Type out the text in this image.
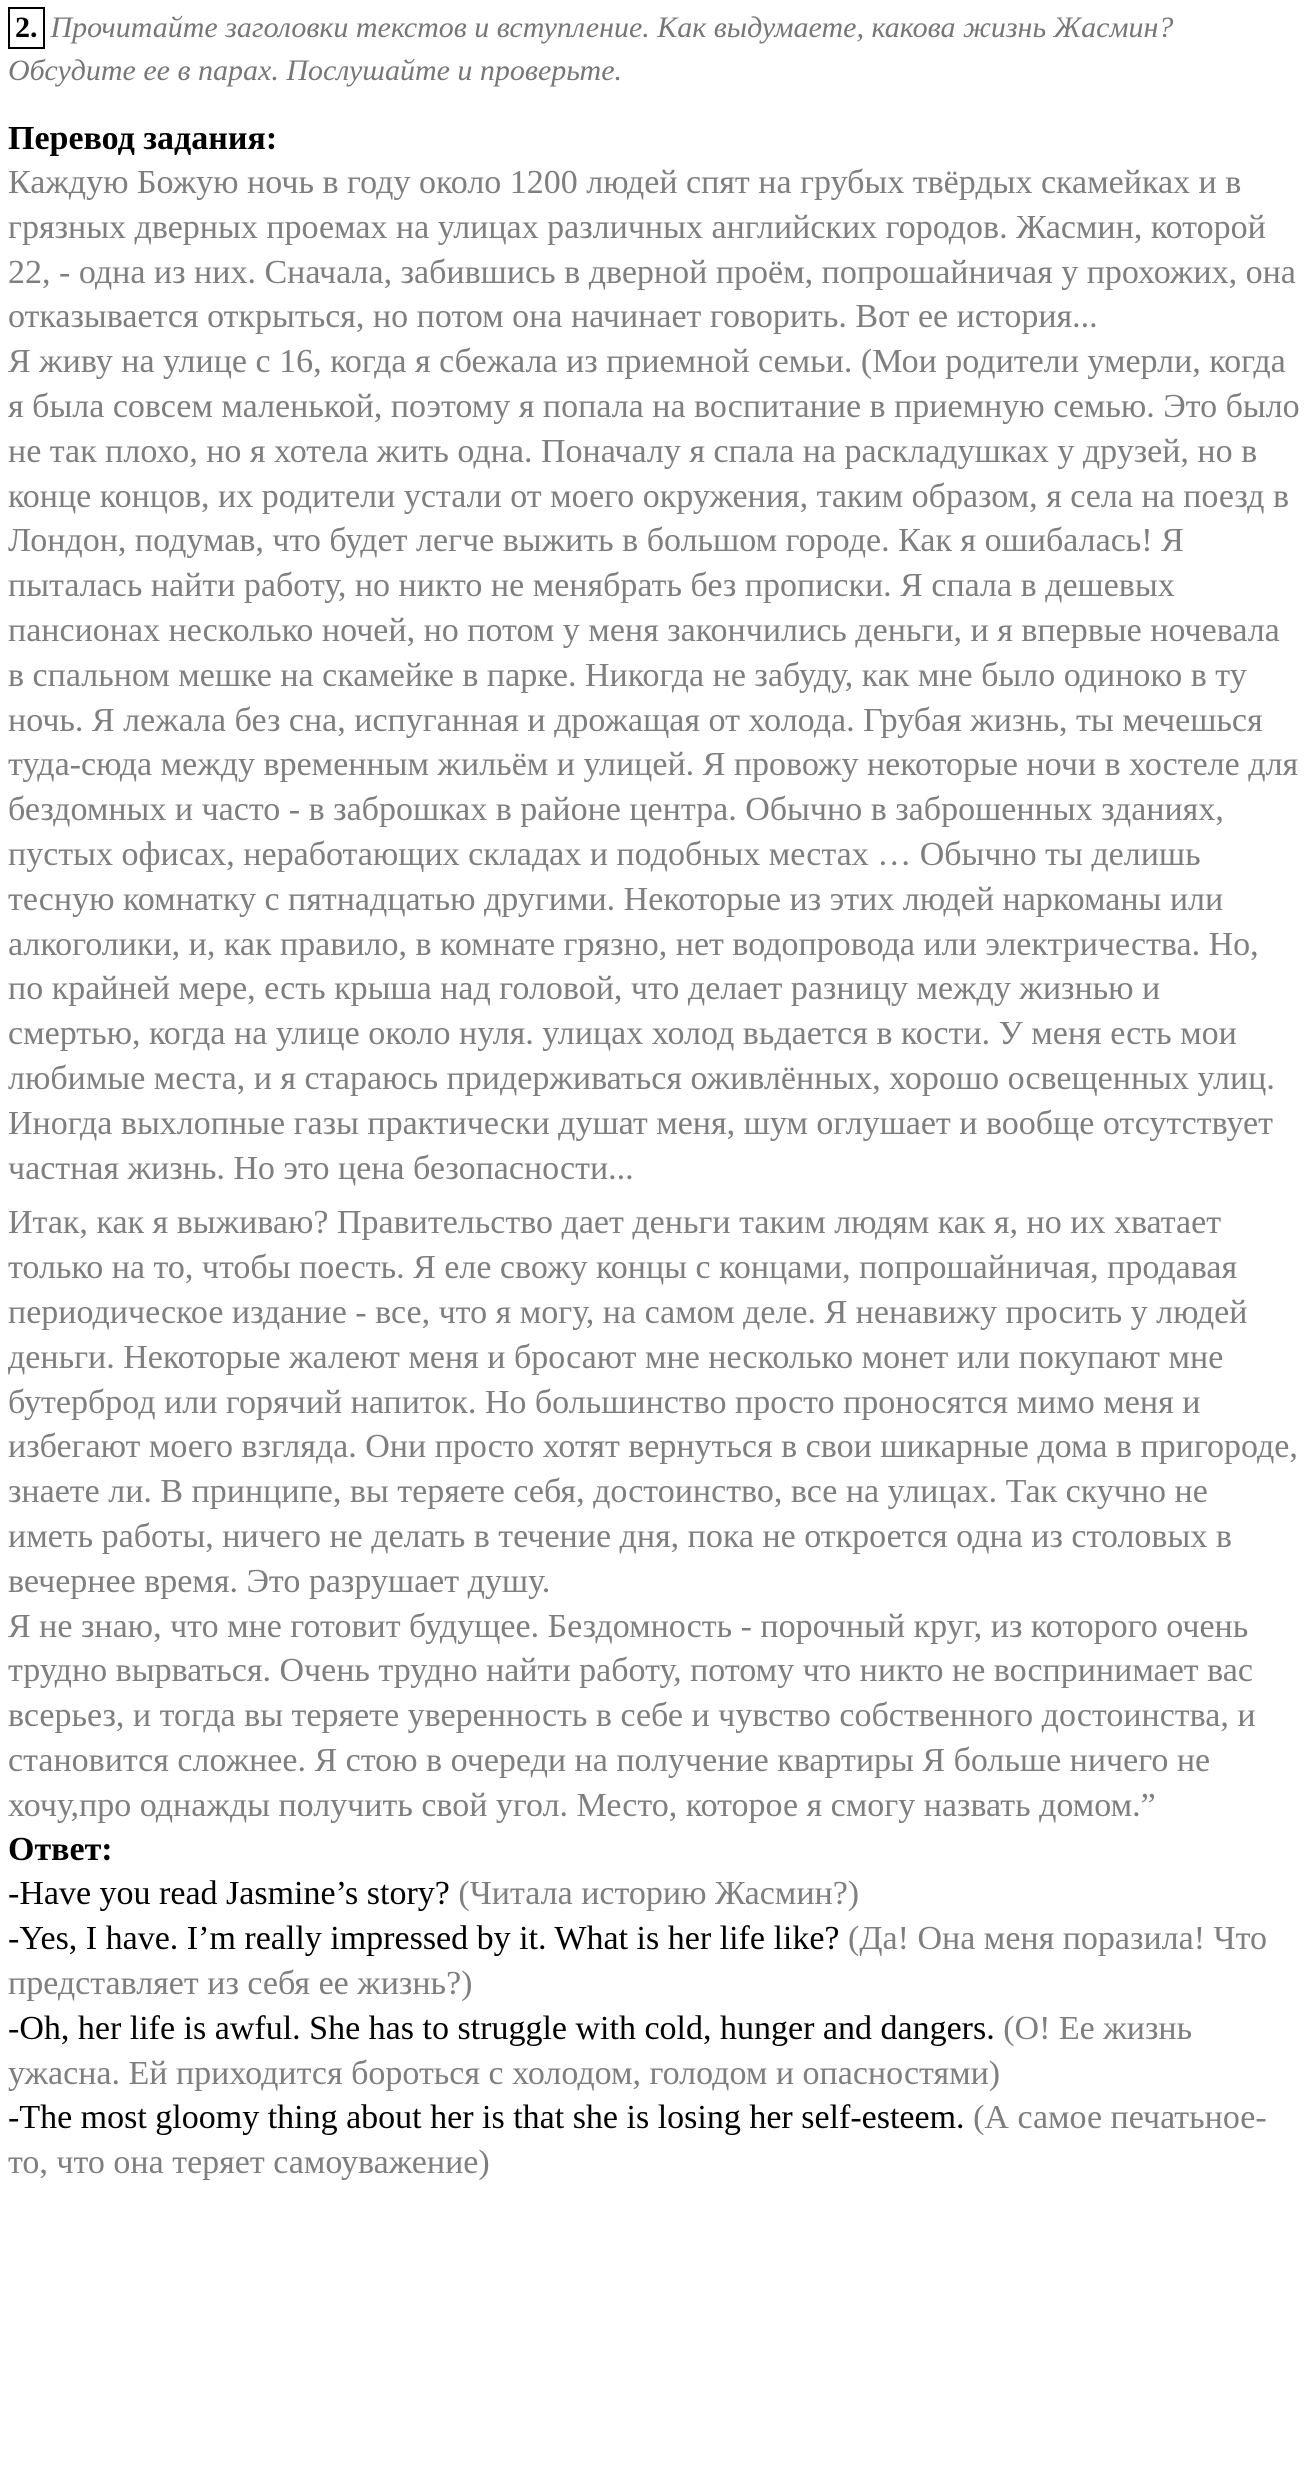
2. Прочитайте заголовки текстов и вступление. Как выдумаете, какова жизнь Жасмин? Обсудите ее в парах. Послушайте и проверьте.
Перевод задания:

Каждую Божую ночь в году около 1200 людей спят на грубых твёрдых скамейках и в грязных дверных проемах на улицах различных английских городов. Жасмин, которой 22, - одна из них. Сначала, забившись в дверной проём, попрошайничая у прохожих, она отказывается открыться, но потом она начинает говорить. Вот ее история...

Я живу на улице с 16, когда я сбежала из приемной семьи. (Мои родители умерли, когда я была совсем маленькой, поэтому я попала на воспитание в приемную семью. Это было не так плохо, но я хотела жить одна. Поначалу я спала на раскладушках у друзей, но в конце концов, их родители устали от моего окружения, таким образом, я села на поезд в Лондон, подумав, что будет легче выжить в большом городе. Как я ошибалась! Я пыталась найти работу, но никто не менябрать без прописки. Я спала в дешевых пансионах несколько ночей, но потом у меня закончились деньги, и я впервые ночевала в спальном мешке на скамейке в парке. Никогда не забуду, как мне было одиноко в ту ночь. Я лежала без сна, испуганная и дрожащая от холода. Грубая жизнь, ты мечешься туда-сюда между временным жильём и улицей. Я провожу некоторые ночи в хостеле для бездомных и часто - в заброшках в районе центра. Обычно в заброшенных зданиях, пустых офисах, неработающих складах и подобных местах … Обычно ты делишь тесную комнатку с пятнадцатью другими. Некоторые из этих людей наркоманы или алкоголики, и, как правило, в комнате грязно, нет водопровода или электричества. Но, по крайней мере, есть крыша над головой, что делает разницу между жизнью и смертью, когда на улице около нуля. улицах холод вьдается в кости. У меня есть мои любимые места, и я стараюсь придерживаться оживлённых, хорошо освещенных улиц. Иногда выхлопные газы практически душат меня, шум оглушает и вообще отсутствует частная жизнь. Но это цена безопасности...

Итак, как я выживаю? Правительство дает деньги таким людям как я, но их хватает только на то, чтобы поесть. Я еле свожу концы с концами, попрошайничая, продавая периодическое издание - все, что я могу, на самом деле. Я ненавижу просить у людей деньги. Некоторые жалеют меня и бросают мне несколько монет или покупают мне бутерброд или горячий напиток. Но большинство просто проносятся мимо меня и избегают моего взгляда. Они просто хотят вернуться в свои шикарные дома в пригороде, знаете ли. В принципе, вы теряете себя, достоинство, все на улицах. Так скучно не иметь работы, ничего не делать в течение дня, пока не откроется одна из столовых в вечернее время. Это разрушает душу.

Я не знаю, что мне готовит будущее. Бездомность - порочный круг, из которого очень трудно вырваться. Очень трудно найти работу, потому что никто не воспринимает вас всерьез, и тогда вы теряете уверенность в себе и чувство собственного достоинства, и становится сложнее. Я стою в очереди на получение квартиры Я больше ничего не хочу,про однажды получить свой угол. Место, которое я смогу назвать домом.”

Ответ:

-Have you read Jasmine’s story? (Читала историю Жасмин?)

-Yes, I have. I’m really impressed by it. What is her life like? (Да! Она меня поразила! Что представляет из себя ее жизнь?)

-Oh, her life is awful. She has to struggle with cold, hunger and dangers. (О! Ее жизнь ужасна. Ей приходится бороться с холодом, голодом и опасностями)

-The most gloomy thing about her is that she is losing her self-esteem. (А самое печатьное-то, что она теряет самоуважение)
